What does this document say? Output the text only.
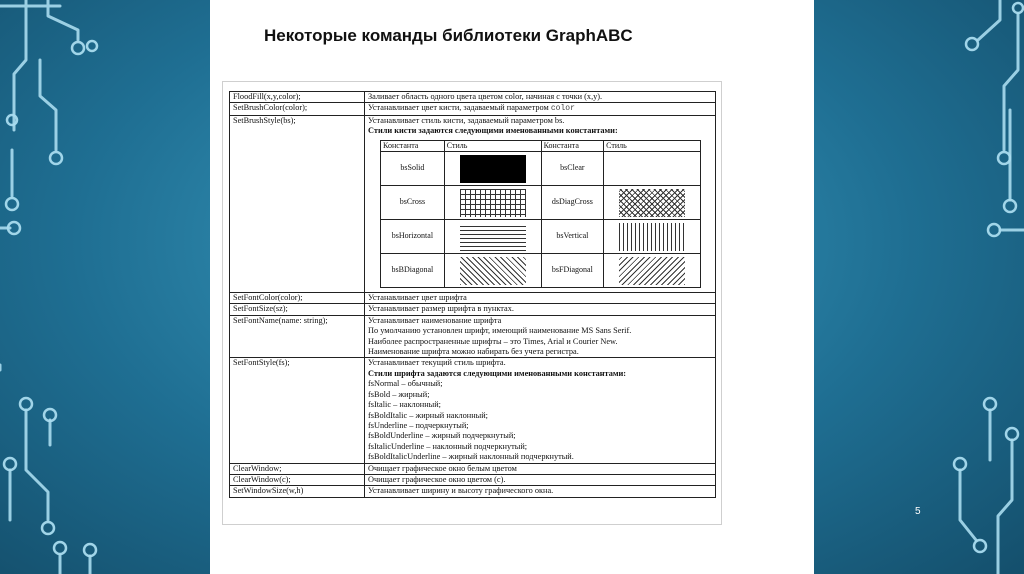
Некоторые команды библиотеки GraphABC
FloodFill(x,y,color);	Заливает область одного цвета цветом color, начиная с точки (x,y).

SetBrushColor(color);	Устанавливает цвет кисти, задаваемый параметром color
SetBrushStyle(bs);	Устанавливает стиль кисти, задаваемый параметром bs.
Стили кисти задаются следующими именованными константами:
Константа	Стиль	Константа	Стиль
bsSolid		bsClear	
bsCross		dsDiagCross	
bsHorizontal		bsVertical	
bsBDiagonal		bsFDiagonal	

SetFontColor(color);	Устанавливает цвет шрифта

SetFontSize(sz);	Устанавливает размер шрифта в пунктах.

SetFontName(name: string);	Устанавливает наименование шрифта
По умолчанию установлен шрифт, имеющий наименование MS Sans Serif.
Наиболее распространенные шрифты – это Times, Arial и Courier New.
Наименование шрифта можно набирать без учета регистра.

SetFontStyle(fs);	Устанавливает текущий стиль шрифта.
Стили шрифта задаются следующими именованными константами:
fsNormal – обычный;
fsBold – жирный;
fsItalic – наклонный;
fsBoldItalic – жирный наклонный;
fsUnderline – подчеркнутый;
fsBoldUnderline – жирный подчеркнутый;
fsItalicUnderline – наклонный подчеркнутый;
fsBoldItalicUnderline – жирный наклонный подчеркнутый.

ClearWindow;	Очищает графическое окно белым цветом

ClearWindow(c);	Очищает графическое окно цветом (c).

SetWindowSize(w,h)	Устанавливает ширину и высоту графического окна.
5
